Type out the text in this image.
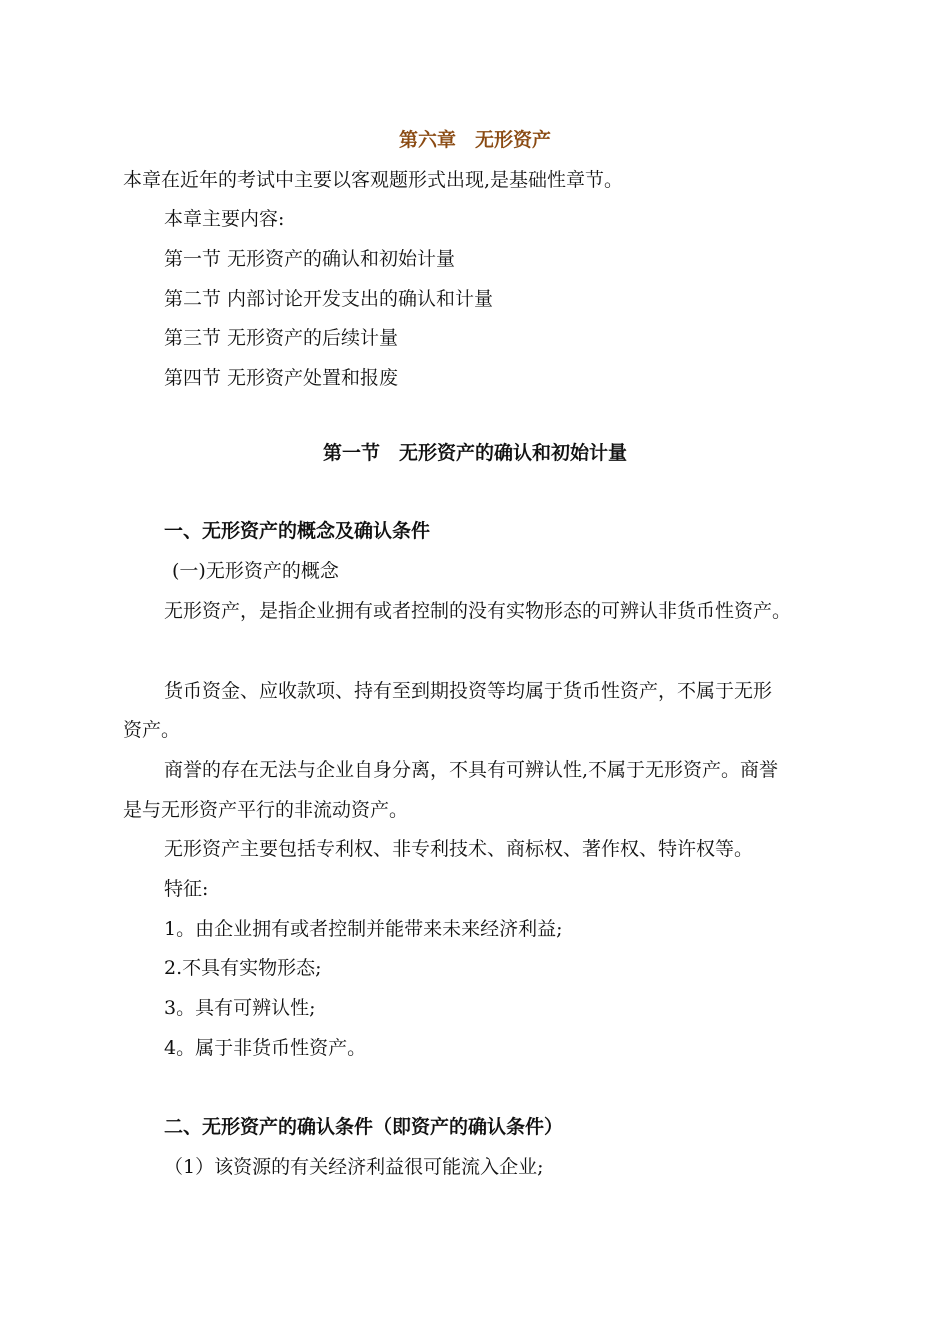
第六章　无形资产
本章在近年的考试中主要以客观题形式出现,是基础性章节。
本章主要内容:
第一节 无形资产的确认和初始计量
第二节 内部讨论开发支出的确认和计量
第三节 无形资产的后续计量
第四节 无形资产处置和报废
第一节　无形资产的确认和初始计量
一、无形资产的概念及确认条件
(一)无形资产的概念
无形资产，是指企业拥有或者控制的没有实物形态的可辨认非货币性资产。
货币资金、应收款项、持有至到期投资等均属于货币性资产，不属于无形
资产。
商誉的存在无法与企业自身分离，不具有可辨认性,不属于无形资产。商誉
是与无形资产平行的非流动资产。
无形资产主要包括专利权、非专利技术、商标权、著作权、特许权等。
特征:
1。由企业拥有或者控制并能带来未来经济利益;
2.不具有实物形态;
3。具有可辨认性;
4。属于非货币性资产。
二、无形资产的确认条件（即资产的确认条件）
（1）该资源的有关经济利益很可能流入企业;
